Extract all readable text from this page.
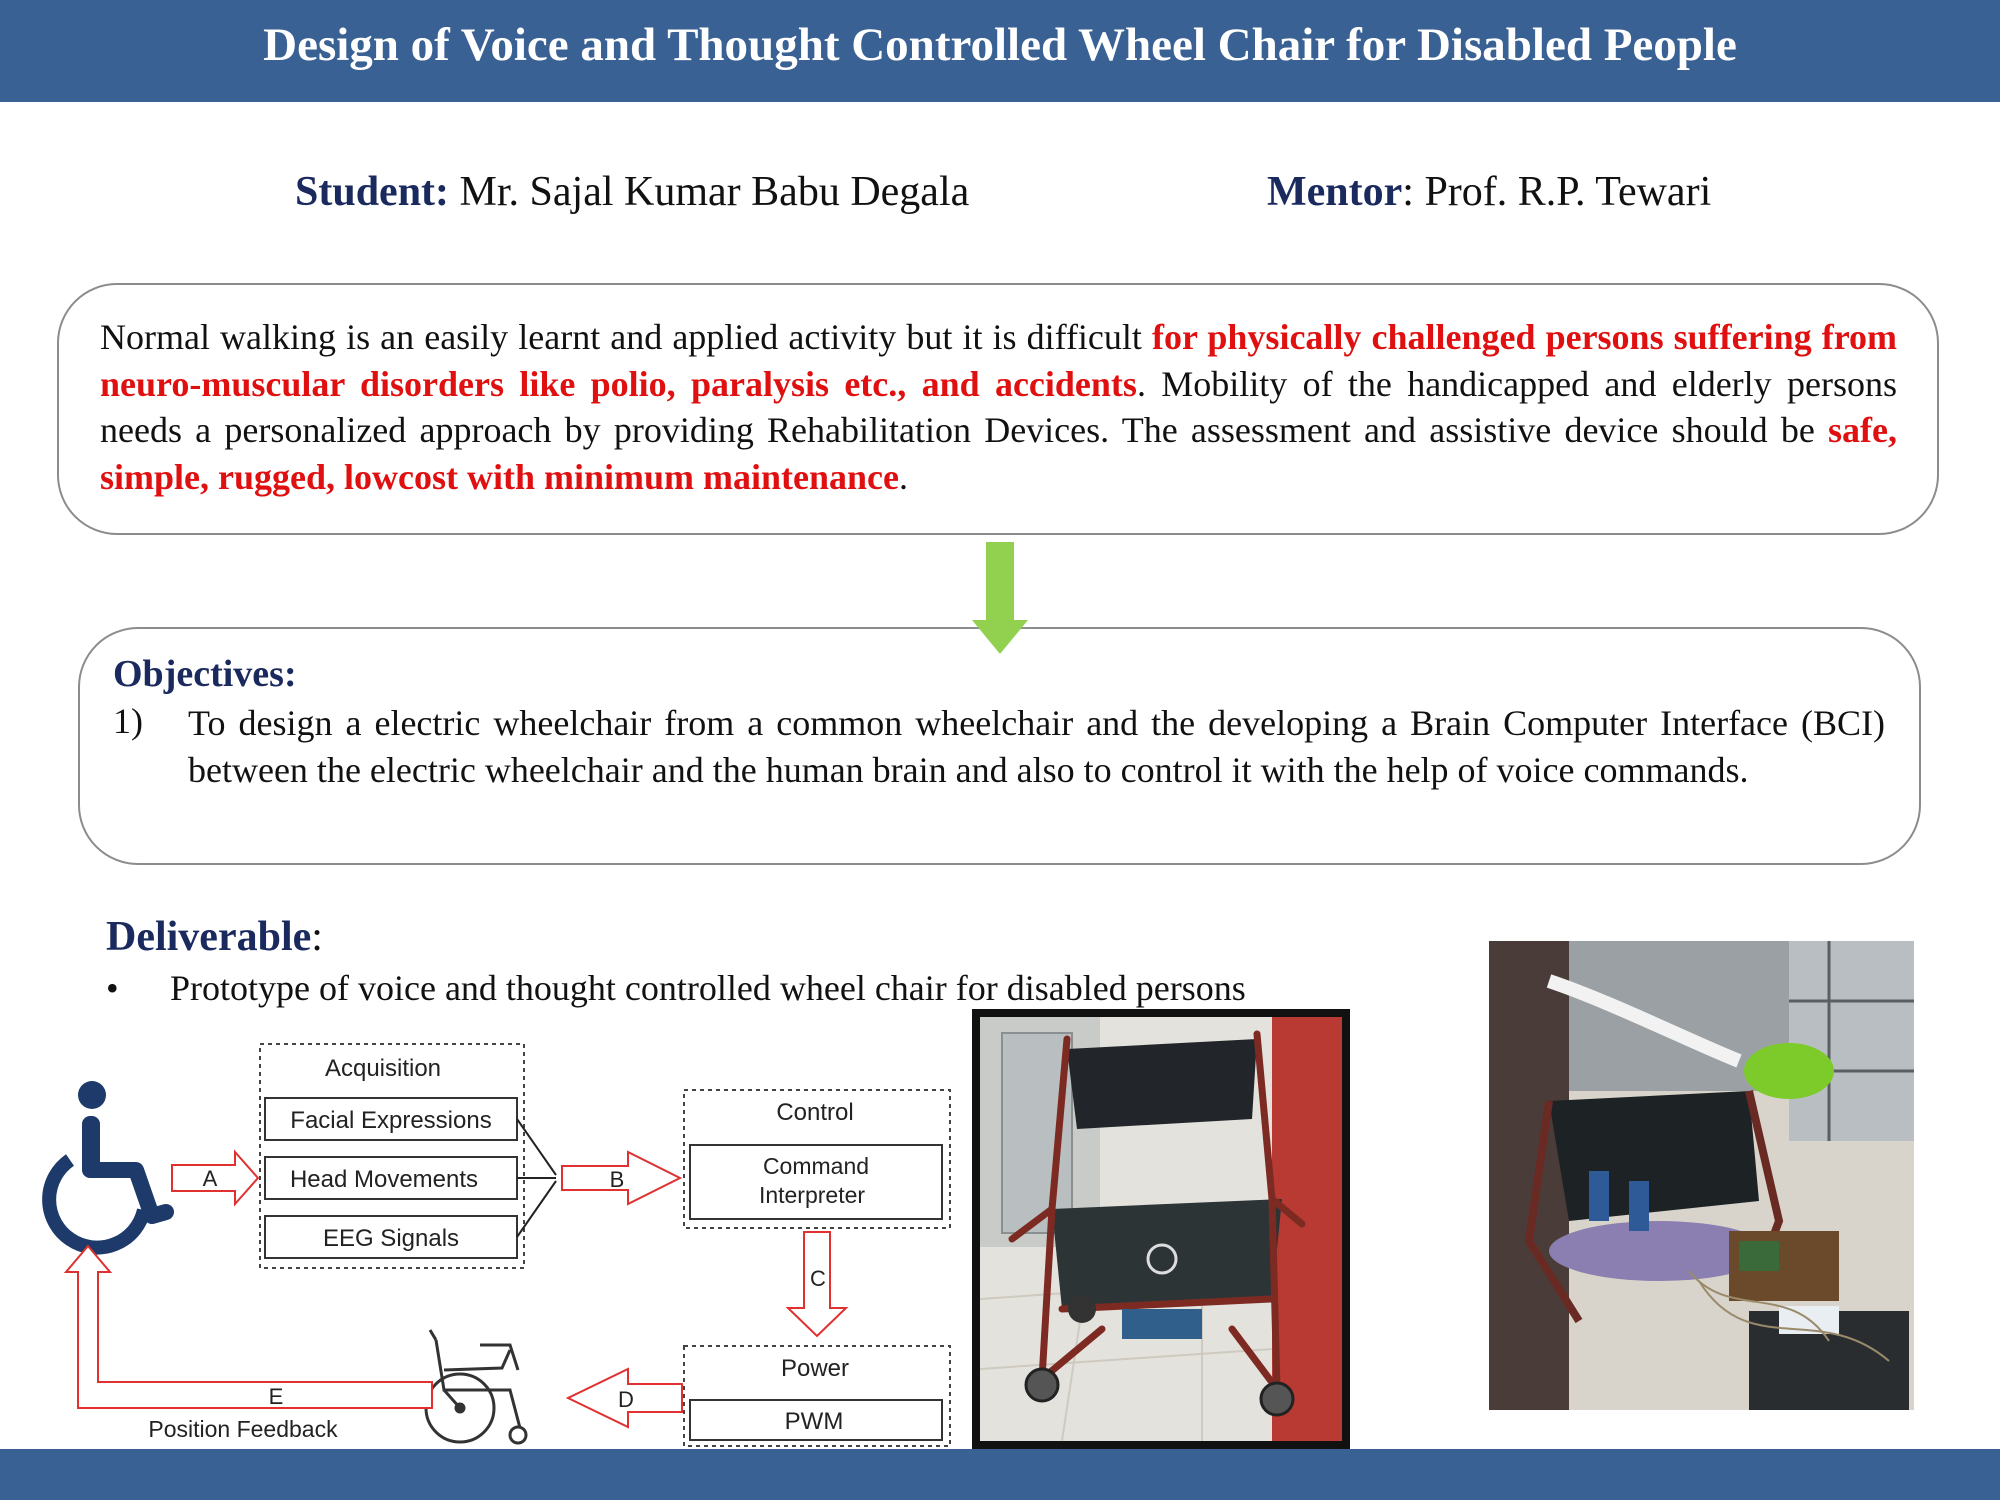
Design of Voice and Thought Controlled Wheel Chair for Disabled People
Student: Mr. Sajal Kumar Babu Degala	Mentor: Prof. R.P. Tewari
Normal walking is an easily learnt and applied activity but it is difficult for physically challenged persons suffering from neuro-muscular disorders like polio, paralysis etc., and accidents. Mobility of the handicapped and elderly persons needs a personalized approach by providing Rehabilitation Devices. The assessment and assistive device should be safe, simple, rugged, lowcost with minimum maintenance.
Objectives:
1) To design a electric wheelchair from a common wheelchair and the developing a Brain Computer Interface (BCI) between the electric wheelchair and the human brain and also to control it with the help of voice commands.
Deliverable:
• Prototype of voice and thought controlled wheel chair for disabled persons
Acquisition
Facial Expressions
Head Movements
EEG Signals
A	B
Control
Command
Interpreter
C
Power
PWM
D
E
Position Feedback
